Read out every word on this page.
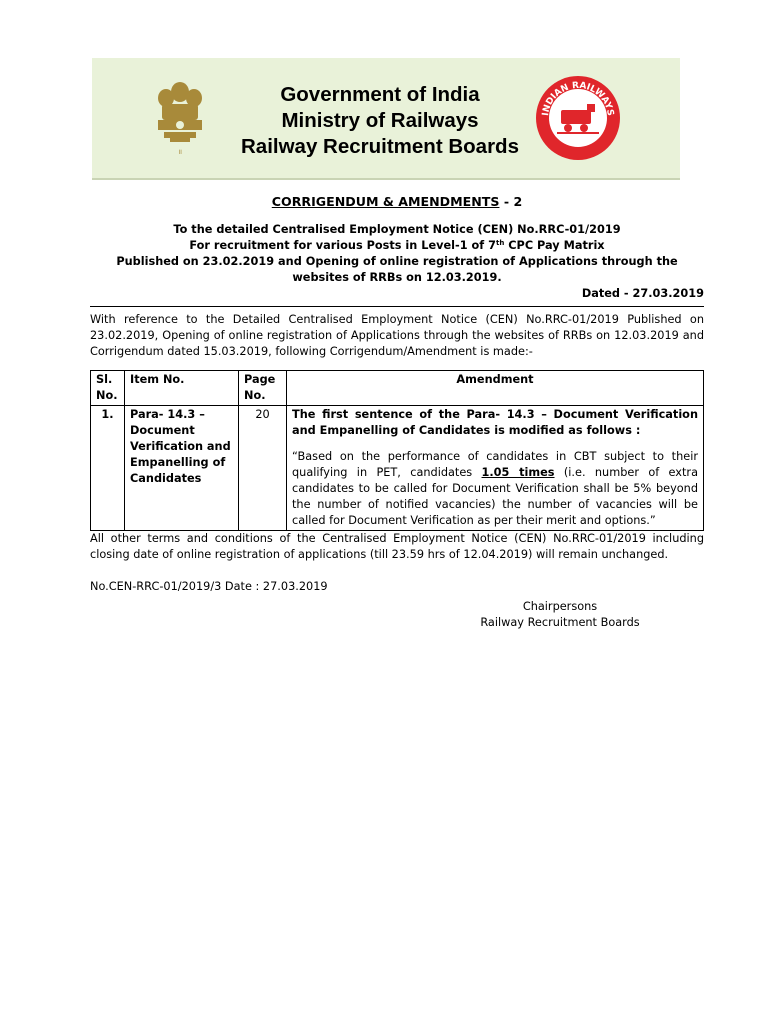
॥
Government of India
Ministry of Railways
Railway Recruitment Boards
INDIAN RAILWAYS
CORRIGENDUM & AMENDMENTS - 2
To the detailed Centralised Employment Notice (CEN) No.RRC-01/2019
For recruitment for various Posts in Level-1 of 7th CPC Pay Matrix
Published on 23.02.2019 and Opening of online registration of Applications through the websites of RRBs on 12.03.2019.
Dated - 27.03.2019
With reference to the Detailed Centralised Employment Notice (CEN) No.RRC-01/2019 Published on 23.02.2019, Opening of online registration of Applications through the websites of RRBs on 12.03.2019 and Corrigendum dated 15.03.2019, following Corrigendum/Amendment is made:-
Sl. No.	Item No.	Page No.	Amendment
1.	Para- 14.3 – Document Verification and Empanelling of Candidates	20	The first sentence of the Para- 14.3 – Document Verification and Empanelling of Candidates is modified as follows :
“Based on the performance of candidates in CBT subject to their qualifying in PET, candidates 1.05 times (i.e. number of extra candidates to be called for Document Verification shall be 5% beyond the number of notified vacancies) the number of vacancies will be called for Document Verification as per their merit and options.”
All other terms and conditions of the Centralised Employment Notice (CEN) No.RRC-01/2019 including closing date of online registration of applications (till 23.59 hrs of 12.04.2019) will remain unchanged.
No.CEN-RRC-01/2019/3 Date : 27.03.2019
Chairpersons
Railway Recruitment Boards
